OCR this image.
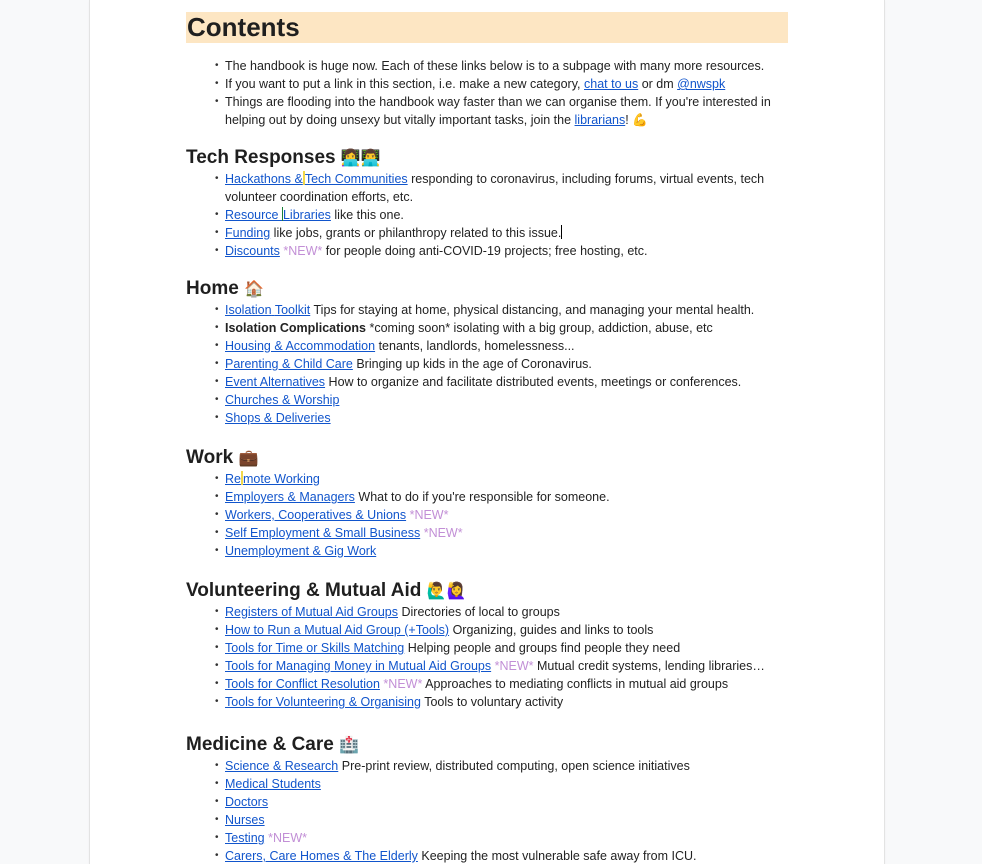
Contents
• The handbook is huge now. Each of these links below is to a subpage with many more resources.
• If you want to put a link in this section, i.e. make a new category, chat to us or dm @nwspk
• Things are flooding into the handbook way faster than we can organise them. If you're interested in helping out by doing unsexy but vitally important tasks, join the librarians! 💪
Tech Responses 👩‍💻👨‍💻
• Hackathons & Tech Communities responding to coronavirus, including forums, virtual events, tech volunteer coordination efforts, etc.
• Resource Libraries like this one.
• Funding like jobs, grants or philanthropy related to this issue.
• Discounts *NEW* for people doing anti-COVID-19 projects; free hosting, etc.
Home 🏠
• Isolation Toolkit Tips for staying at home, physical distancing, and managing your mental health.
• Isolation Complications *coming soon* isolating with a big group, addiction, abuse, etc
• Housing & Accommodation tenants, landlords, homelessness...
• Parenting & Child Care Bringing up kids in the age of Coronavirus.
• Event Alternatives How to organize and facilitate distributed events, meetings or conferences.
• Churches & Worship
• Shops & Deliveries
Work 💼
• Re mote Working
• Employers & Managers What to do if you're responsible for someone.
• Workers, Cooperatives & Unions *NEW*
• Self Employment & Small Business *NEW*
• Unemployment & Gig Work
Volunteering & Mutual Aid 🙋‍♂️🙋‍♀️
• Registers of Mutual Aid Groups Directories of local to groups
• How to Run a Mutual Aid Group (+Tools) Organizing, guides and links to tools
• Tools for Time or Skills Matching Helping people and groups find people they need
• Tools for Managing Money in Mutual Aid Groups *NEW* Mutual credit systems, lending libraries…
• Tools for Conflict Resolution *NEW* Approaches to mediating conflicts in mutual aid groups
• Tools for Volunteering & Organising Tools to voluntary activity
Medicine & Care 🏥
• Science & Research Pre-print review, distributed computing, open science initiatives
• Medical Students
• Doctors
• Nurses
• Testing *NEW*
• Carers, Care Homes & The Elderly Keeping the most vulnerable safe away from ICU.
